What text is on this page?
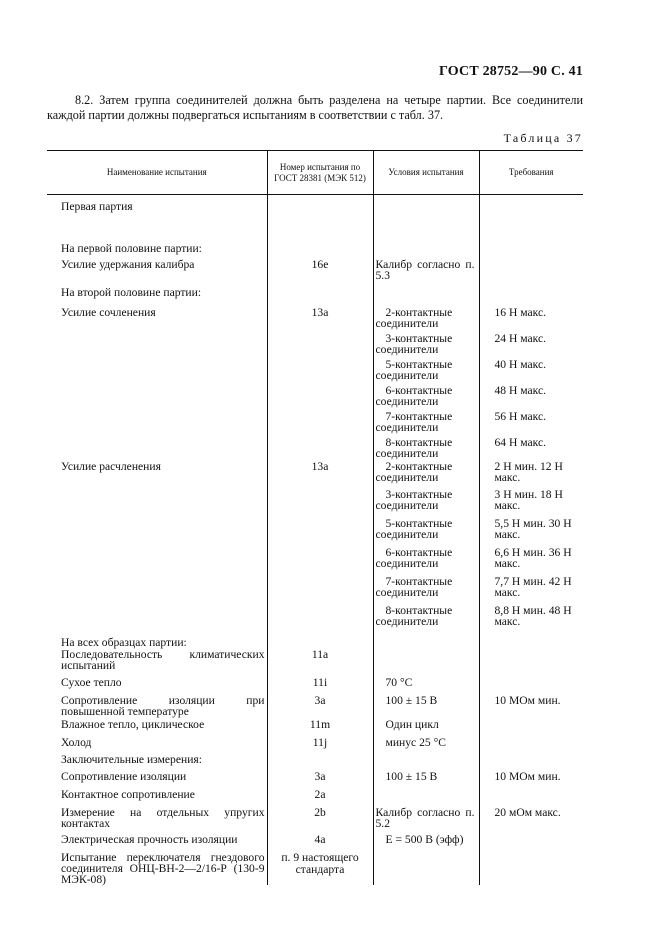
ГОСТ 28752—90 С. 41

8.2. Затем группа соединителей должна быть разделена на четыре партии. Все соединители каждой партии должны подвергаться испытаниям в соответствии с табл. 37.

Таблица 37
Наименование испытания	Номер испытания по ГОСТ 28381 (МЭК 512)	Условия испытания	Требования

Первая партия			

На первой половине партии:			

Усилие удержания калибра	16е	Калибр согласно п. 5.3	

На второй половине партии:			

Усилие сочленения	13а	2-контактные соединители	16 Н макс.

		3-контактные соединители	24 Н макс.

		5-контактные соединители	40 Н макс.

		6-контактные соединители	48 Н макс.

		7-контактные соединители	56 Н макс.

		8-контактные соединители	64 Н макс.

Усилие расчленения	13а	2-контактные соединители	2 Н мин. 12 Н макс.

		3-контактные соединители	3 Н мин. 18 Н макс.

		5-контактные соединители	5,5 Н мин. 30 Н макс.

		6-контактные соединители	6,6 Н мин. 36 Н макс.

		7-контактные соединители	7,7 Н мин. 42 Н макс.

		8-контактные соединители	8,8 Н мин. 48 Н макс.

На всех образцах партии:			

Последовательность климатических испытаний	11а		

Сухое тепло	11i	70 °С	

Сопротивление изоляции при повышенной температуре	3а	100 ± 15 В	10 МОм мин.

Влажное тепло, циклическое	11m	Один цикл	

Холод	11j	минус 25 °С	

Заключительные измерения:			

Сопротивление изоляции	3а	100 ± 15 В	10 МОм мин.

Контактное сопротивление	2а		

Измерение на отдельных упругих контактах	2b	Калибр согласно п. 5.2	20 мОм макс.

Электрическая прочность изоляции	4а	Е = 500 В (эфф)	

Испытание переключателя гнездового соединителя ОНЦ-ВН-2—2/16-Р (130-9 МЭК-08)	п. 9 настоящего стандарта		
